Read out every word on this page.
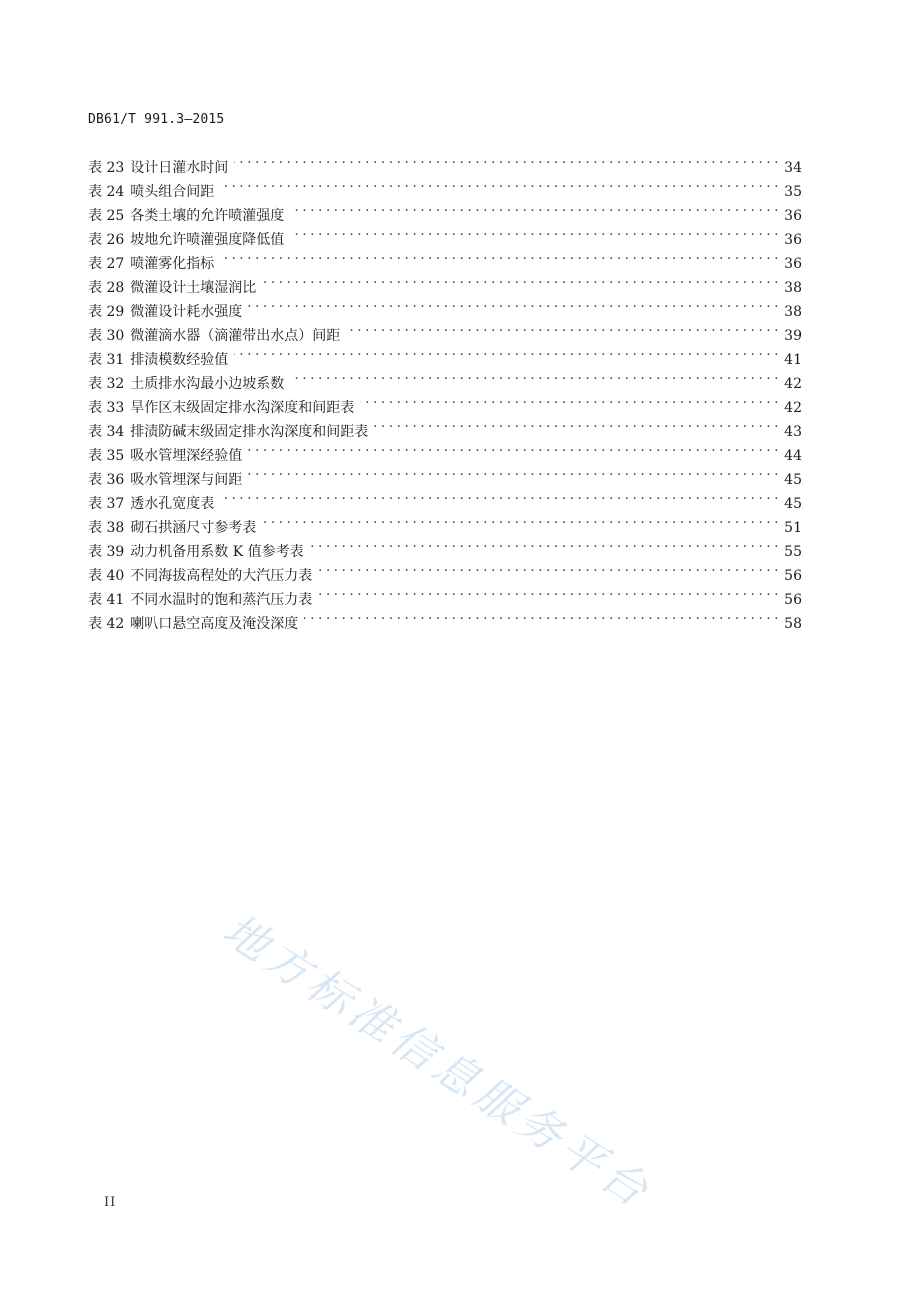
DB61/T 991.3—2015
表 23 设计日灌水时间 . . .	34
表 24 喷头组合间距 . . .	35
表 25 各类土壤的允许喷灌强度 . . .	36
表 26 坡地允许喷灌强度降低值 . . .	36
表 27 喷灌雾化指标 . . .	36
表 28 微灌设计土壤湿润比 . . .	38
表 29 微灌设计耗水强度 . . .	38
表 30 微灌滴水器（滴灌带出水点）间距 . . .	39
表 31 排渍模数经验值 . . .	41
表 32 土质排水沟最小边坡系数 . . .	42
表 33 旱作区末级固定排水沟深度和间距表 . . .	42
表 34 排渍防碱末级固定排水沟深度和间距表 . . .	43
表 35 吸水管埋深经验值 . . .	44
表 36 吸水管埋深与间距 . . .	45
表 37 透水孔宽度表 . . .	45
表 38 砌石拱涵尺寸参考表 . . .	51
表 39 动力机备用系数 K 值参考表 . . .	55
表 40 不同海拔高程处的大汽压力表 . . .	56
表 41 不同水温时的饱和蒸汽压力表 . . .	56
表 42 喇叭口悬空高度及淹没深度 . . .	58
地方标准信息服务平台
II
